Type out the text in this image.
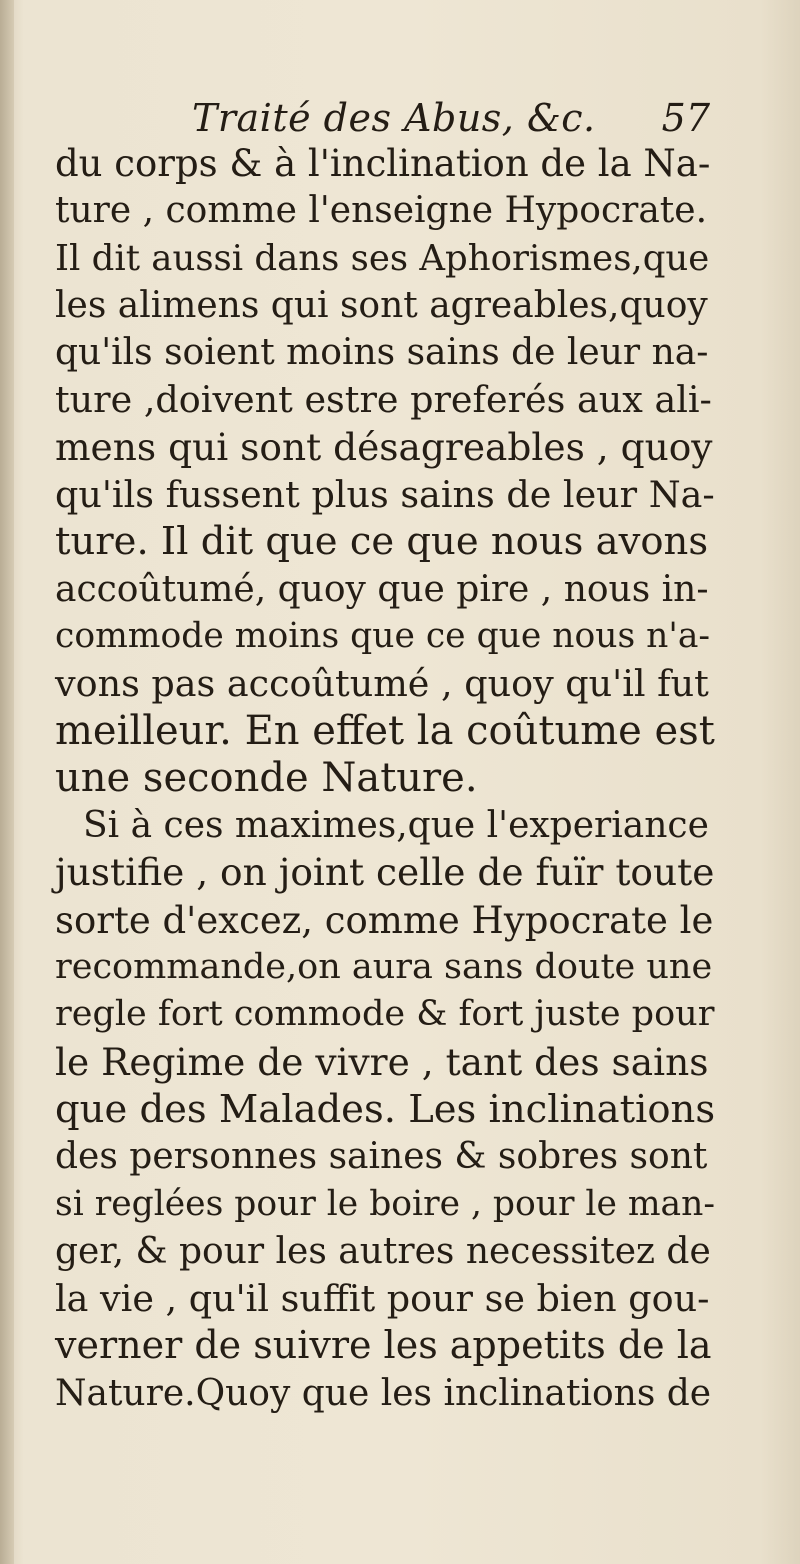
Traité des Abus, &c. 57
du corps & à l'inclination de la Na-
ture , comme l'enseigne Hypocrate.
Il dit aussi dans ses Aphorismes,que
les alimens qui sont agreables,quoy
qu'ils soient moins sains de leur na-
ture ,doivent estre preferés aux ali-
mens qui sont désagreables , quoy
qu'ils fussent plus sains de leur Na-
ture. Il dit que ce que nous avons
accoûtumé, quoy que pire , nous in-
commode moins que ce que nous n'a-
vons pas accoûtumé , quoy qu'il fut
meilleur. En effet la coûtume est
une seconde Nature.
Si à ces maximes,que l'experiance
justifie , on joint celle de fuïr toute
sorte d'excez, comme Hypocrate le
recommande,on aura sans doute une
regle fort commode & fort juste pour
le Regime de vivre , tant des sains
que des Malades. Les inclinations
des personnes saines & sobres sont
si reglées pour le boire , pour le man-
ger, & pour les autres necessitez de
la vie , qu'il suffit pour se bien gou-
verner de suivre les appetits de la
Nature.Quoy que les inclinations de
